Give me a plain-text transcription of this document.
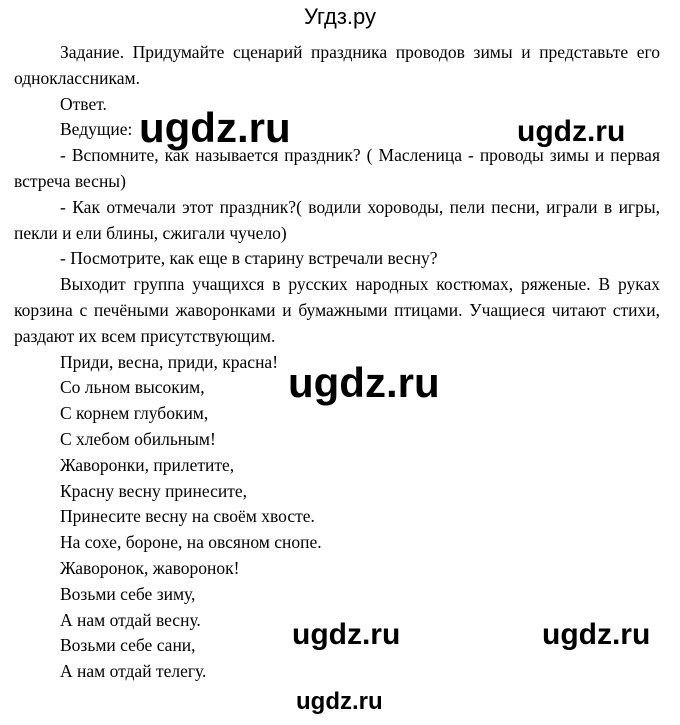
Угдз.ру

Задание. Придумайте сценарий праздника проводов зимы и представьте его одноклассникам.

Ответ.

Ведущие:

- Вспомните, как называется праздник? ( Масленица - проводы зимы и первая встреча весны)

- Как отмечали этот праздник?( водили хороводы, пели песни, играли в игры, пекли и ели блины, сжигали чучело)

- Посмотрите, как еще в старину встречали весну?

Выходит группа учащихся в русских народных костюмах, ряженые. В руках корзина с печёными жаворонками и бумажными птицами. Учащиеся читают стихи, раздают их всем присутствующим.

Приди, весна, приди, красна!
Со льном высоким,
С корнем глубоким,
С хлебом обильным!
Жаворонки, прилетите,
Красну весну принесите,
Принесите весну на своём хвосте.
На сохе, бороне, на овсяном снопе.
Жаворонок, жаворонок!
Возьми себе зиму,
А нам отдай весну.
Возьми себе сани,
А нам отдай телегу.
ugdz.ru	ugdz.ru
ugdz.ru
ugdz.ru	ugdz.ru
ugdz.ru
